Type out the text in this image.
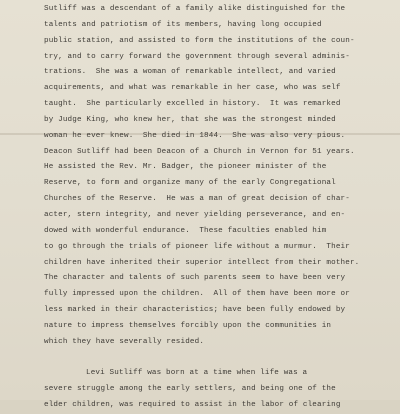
Sutliff was a descendant of a family alike distinguished for the
talents and patriotism of its members, having long occupied
public station, and assisted to form the institutions of the coun-
try, and to carry forward the government through several adminis-
trations.  She was a woman of remarkable intellect, and varied
acquirements, and what was remarkable in her case, who was self
taught.  She particularly excelled in history.  It was remarked
by Judge King, who knew her, that she was the strongest minded
woman he ever knew.  She died in 1844.  She was also very pious.
Deacon Sutliff had been Deacon of a Church in Vernon for 51 years.
He assisted the Rev. Mr. Badger, the pioneer minister of the
Reserve, to form and organize many of the early Congregational
Churches of the Reserve.  He was a man of great decision of char-
acter, stern integrity, and never yielding perseverance, and en-
dowed with wonderful endurance.  These faculties enabled him
to go through the trials of pioneer life without a murmur.  Their
children have inherited their superior intellect from their mother.
The character and talents of such parents seem to have been very
fully impressed upon the children.  All of them have been more or
less marked in their characteristics; have been fully endowed by
nature to impress themselves forcibly upon the communities in
which they have severally resided.
Levi Sutliff was born at a time when life was a
severe struggle among the early settlers, and being one of the
elder children, was required to assist in the labor of clearing
